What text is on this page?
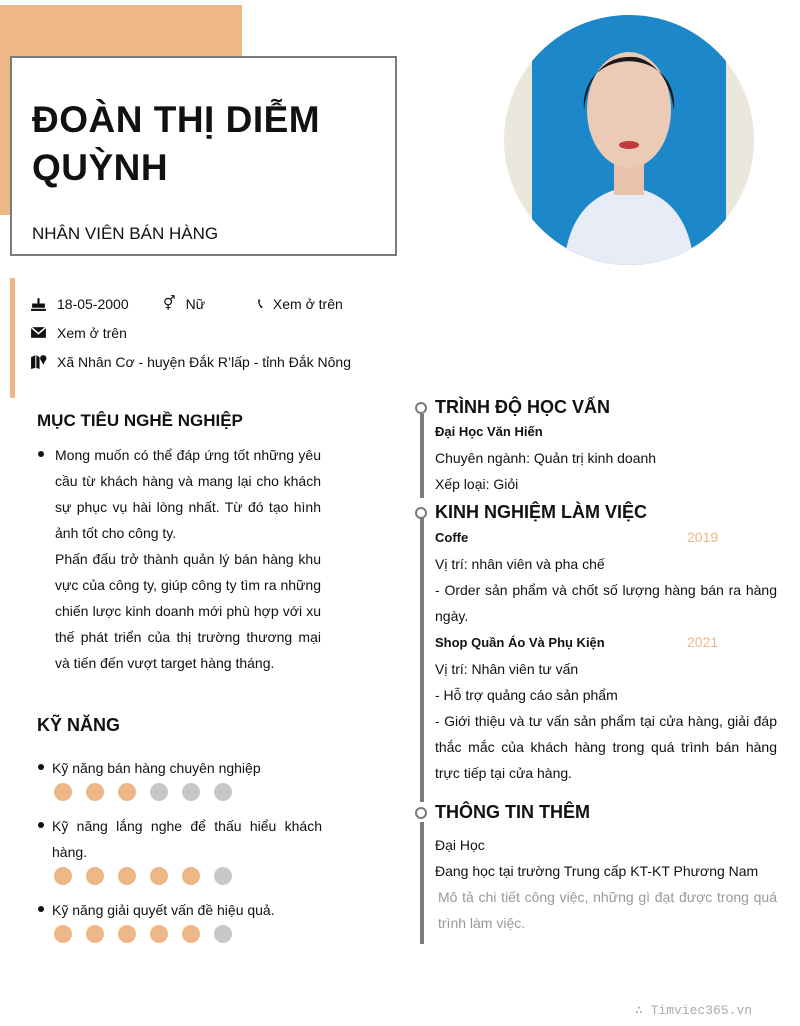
ĐOÀN THỊ DIỄM QUỲNH
NHÂN VIÊN BÁN HÀNG
18-05-2000 ⚥ Nữ	📞︎ Xem ở trên
Xem ở trên
Xã Nhân Cơ - huyện Đắk R’lấp - tỉnh Đắk Nông
MỤC TIÊU NGHỀ NGHIỆP
Mong muốn có thể đáp ứng tốt những yêu cầu từ khách hàng và mang lại cho khách sự phục vụ hài lòng nhất. Từ đó tạo hình ảnh tốt cho công ty.
Phấn đấu trở thành quản lý bán hàng khu vực của công ty, giúp công ty tìm ra những chiến lược kinh doanh mới phù hợp với xu thế phát triển của thị trường thương mại và tiến đến vượt target hàng tháng.
KỸ NĂNG
Kỹ năng bán hàng chuyên nghiệp
Kỹ năng lắng nghe để thấu hiểu khách hàng.
Kỹ năng giải quyết vấn đề hiệu quả.
TRÌNH ĐỘ HỌC VẤN
Đại Học Văn Hiến
Chuyên ngành: Quản trị kinh doanh
Xếp loại: Giỏi
KINH NGHIỆM LÀM VIỆC
Coffe	2019
Vị trí: nhân viên và pha chế
- Order sản phẩm và chốt số lượng hàng bán ra hàng ngày.
Shop Quần Áo Và Phụ Kiện	2021
Vị trí: Nhân viên tư vấn
- Hỗ trợ quảng cáo sản phẩm
- Giới thiệu và tư vấn sản phẩm tại cửa hàng, giải đáp thắc mắc của khách hàng trong quá trình bán hàng trực tiếp tại cửa hàng.
THÔNG TIN THÊM
Đại Học
Đang học tại trường Trung cấp KT-KT Phương Nam
Mô tả chi tiết công việc, những gì đạt được trong quá trình làm việc.
∴ Timviec365.vn
